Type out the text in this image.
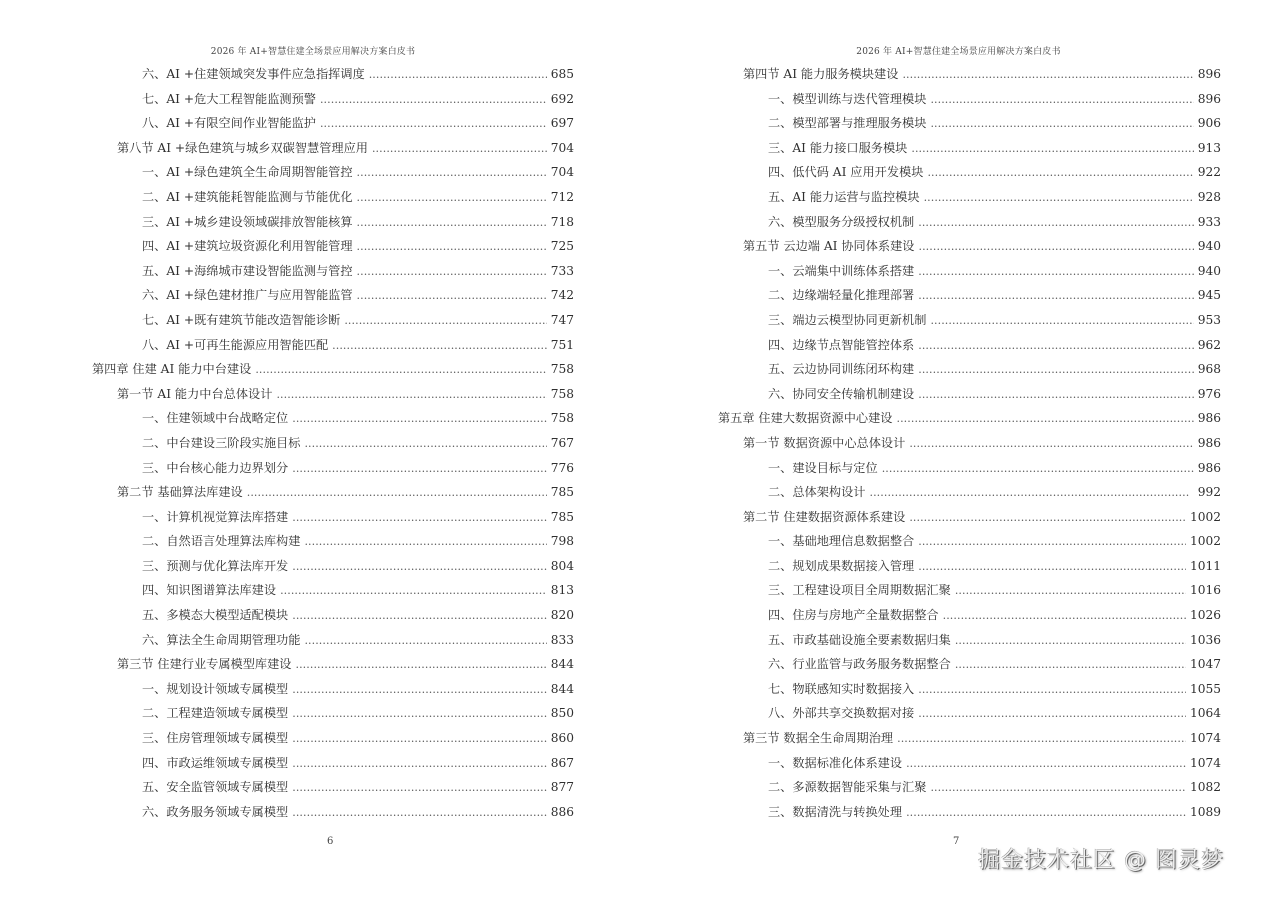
2026 年 AI+智慧住建全场景应用解决方案白皮书
六、AI +住建领域突发事件应急指挥调度 . . .	685
七、AI +危大工程智能监测预警 . . .	692
八、AI +有限空间作业智能监护 . . .	697
第八节 AI +绿色建筑与城乡双碳智慧管理应用 . . .	704
一、AI +绿色建筑全生命周期智能管控 . . .	704
二、AI +建筑能耗智能监测与节能优化 . . .	712
三、AI +城乡建设领域碳排放智能核算 . . .	718
四、AI +建筑垃圾资源化利用智能管理 . . .	725
五、AI +海绵城市建设智能监测与管控 . . .	733
六、AI +绿色建材推广与应用智能监管 . . .	742
七、AI +既有建筑节能改造智能诊断 . . .	747
八、AI +可再生能源应用智能匹配 . . .	751
第四章 住建 AI 能力中台建设 . . .	758
第一节 AI 能力中台总体设计 . . .	758
一、住建领域中台战略定位 . . .	758
二、中台建设三阶段实施目标 . . .	767
三、中台核心能力边界划分 . . .	776
第二节 基础算法库建设 . . .	785
一、计算机视觉算法库搭建 . . .	785
二、自然语言处理算法库构建 . . .	798
三、预测与优化算法库开发 . . .	804
四、知识图谱算法库建设 . . .	813
五、多模态大模型适配模块 . . .	820
六、算法全生命周期管理功能 . . .	833
第三节 住建行业专属模型库建设 . . .	844
一、规划设计领域专属模型 . . .	844
二、工程建造领域专属模型 . . .	850
三、住房管理领域专属模型 . . .	860
四、市政运维领域专属模型 . . .	867
五、安全监管领域专属模型 . . .	877
六、政务服务领域专属模型 . . .	886
6
2026 年 AI+智慧住建全场景应用解决方案白皮书
第四节 AI 能力服务模块建设 . . .	896
一、模型训练与迭代管理模块 . . .	896
二、模型部署与推理服务模块 . . .	906
三、AI 能力接口服务模块 . . .	913
四、低代码 AI 应用开发模块 . . .	922
五、AI 能力运营与监控模块 . . .	928
六、模型服务分级授权机制 . . .	933
第五节 云边端 AI 协同体系建设 . . .	940
一、云端集中训练体系搭建 . . .	940
二、边缘端轻量化推理部署 . . .	945
三、端边云模型协同更新机制 . . .	953
四、边缘节点智能管控体系 . . .	962
五、云边协同训练闭环构建 . . .	968
六、协同安全传输机制建设 . . .	976
第五章 住建大数据资源中心建设 . . .	986
第一节 数据资源中心总体设计 . . .	986
一、建设目标与定位 . . .	986
二、总体架构设计 . . .	992
第二节 住建数据资源体系建设 . . .	1002
一、基础地理信息数据整合 . . .	1002
二、规划成果数据接入管理 . . .	1011
三、工程建设项目全周期数据汇聚 . . .	1016
四、住房与房地产全量数据整合 . . .	1026
五、市政基础设施全要素数据归集 . . .	1036
六、行业监管与政务服务数据整合 . . .	1047
七、物联感知实时数据接入 . . .	1055
八、外部共享交换数据对接 . . .	1064
第三节 数据全生命周期治理 . . .	1074
一、数据标准化体系建设 . . .	1074
二、多源数据智能采集与汇聚 . . .	1082
三、数据清洗与转换处理 . . .	1089
7
掘金技术社区 @ 图灵梦
